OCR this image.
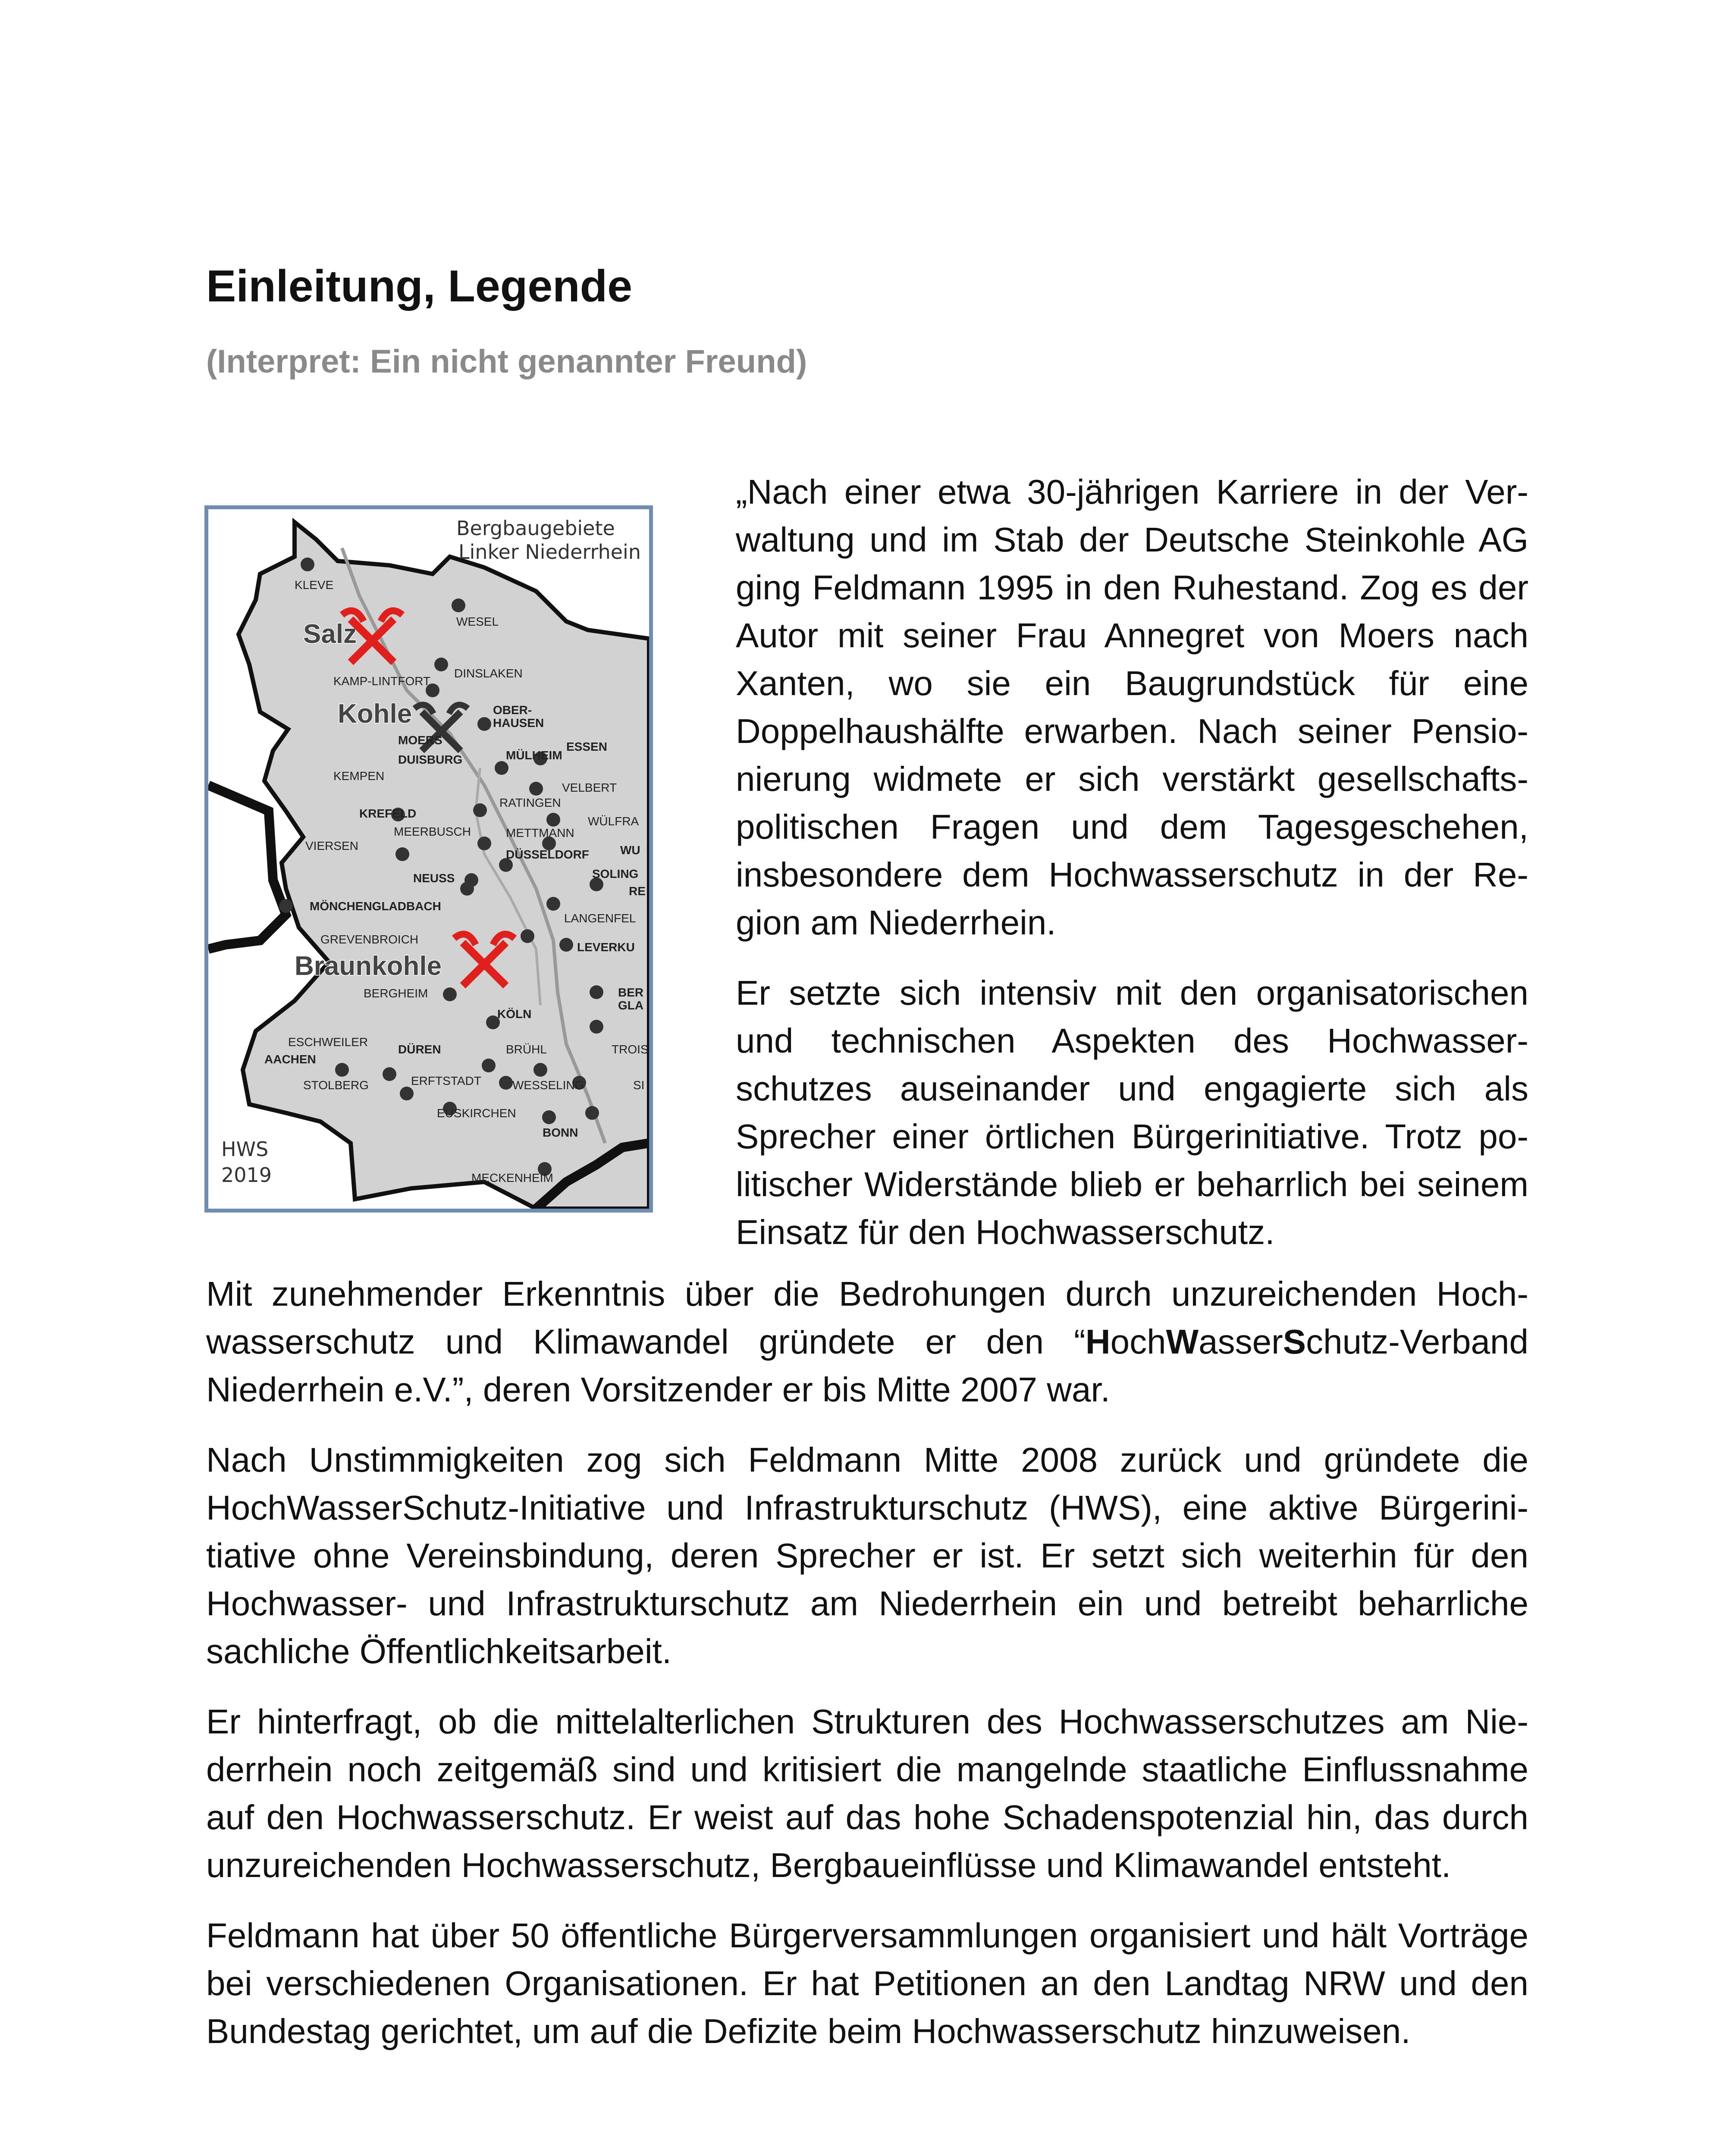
Einleitung, Legende
(Interpret: Ein nicht genannter Freund)
Bergbaugebiete
Linker Niederrhein
HWS
2019
Salz
Kohle
Braunkohle
KLEVE
WESEL
KAMP-LINTFORT
DINSLAKEN
OBER-
HAUSEN
MOERS	ESSEN
DUISBURG	MÜLHEIM
KEMPEN
VELBERT
RATINGEN
KREFELD
WÜLFRA
MEERBUSCH	METTMANN
VIERSEN
DÜSSELDORF	WU
NEUSS	SOLING
RE
MÖNCHENGLADBACH
LANGENFEL
GREVENBROICH
LEVERKU
BERGHEIM	BER
GLA
KÖLN
ESCHWEILER
DÜREN	BRÜHL	TROIS
AACHEN
SI
STOLBERG	ERFTSTADT	WESSELING
EUSKIRCHEN
BONN
MECKENHEIM

„Nach einer etwa 30-jährigen Karriere in der Verwaltung und im Stab der Deutsche Steinkohle AG ging Feldmann 1995 in den Ruhestand. Zog es der Autor mit seiner Frau Annegret von Moers nach Xanten, wo sie ein Baugrundstück für eine Doppelhaushälfte erwarben. Nach seiner Pensionierung widmete er sich verstärkt gesellschaftspolitischen Fragen und dem Tagesgeschehen, insbesondere dem Hochwasserschutz in der Region am Niederrhein.

Er setzte sich intensiv mit den organisatorischen und technischen Aspekten des Hochwasserschutzes auseinander und engagierte sich als Sprecher einer örtlichen Bürgerinitiative. Trotz politischer Widerstände blieb er beharrlich bei seinem Einsatz für den Hochwasserschutz.

Mit zunehmender Erkenntnis über die Bedrohungen durch unzureichenden Hochwasserschutz und Klimawandel gründete er den “HochWasserSchutz-Verband Niederrhein e.V.”, deren Vorsitzender er bis Mitte 2007 war.

Nach Unstimmigkeiten zog sich Feldmann Mitte 2008 zurück und gründete die HochWasserSchutz-Initiative und Infrastrukturschutz (HWS), eine aktive Bürgerinitiative ohne Vereinsbindung, deren Sprecher er ist. Er setzt sich weiterhin für den Hochwasser- und Infrastrukturschutz am Niederrhein ein und betreibt beharrliche sachliche Öffentlichkeitsarbeit.

Er hinterfragt, ob die mittelalterlichen Strukturen des Hochwasserschutzes am Niederrhein noch zeitgemäß sind und kritisiert die mangelnde staatliche Einflussnahme auf den Hochwasserschutz. Er weist auf das hohe Schadenspotenzial hin, das durch unzureichenden Hochwasserschutz, Bergbaueinflüsse und Klimawandel entsteht.

Feldmann hat über 50 öffentliche Bürgerversammlungen organisiert und hält Vorträge bei verschiedenen Organisationen. Er hat Petitionen an den Landtag NRW und den Bundestag gerichtet, um auf die Defizite beim Hochwasserschutz hinzuweisen.
